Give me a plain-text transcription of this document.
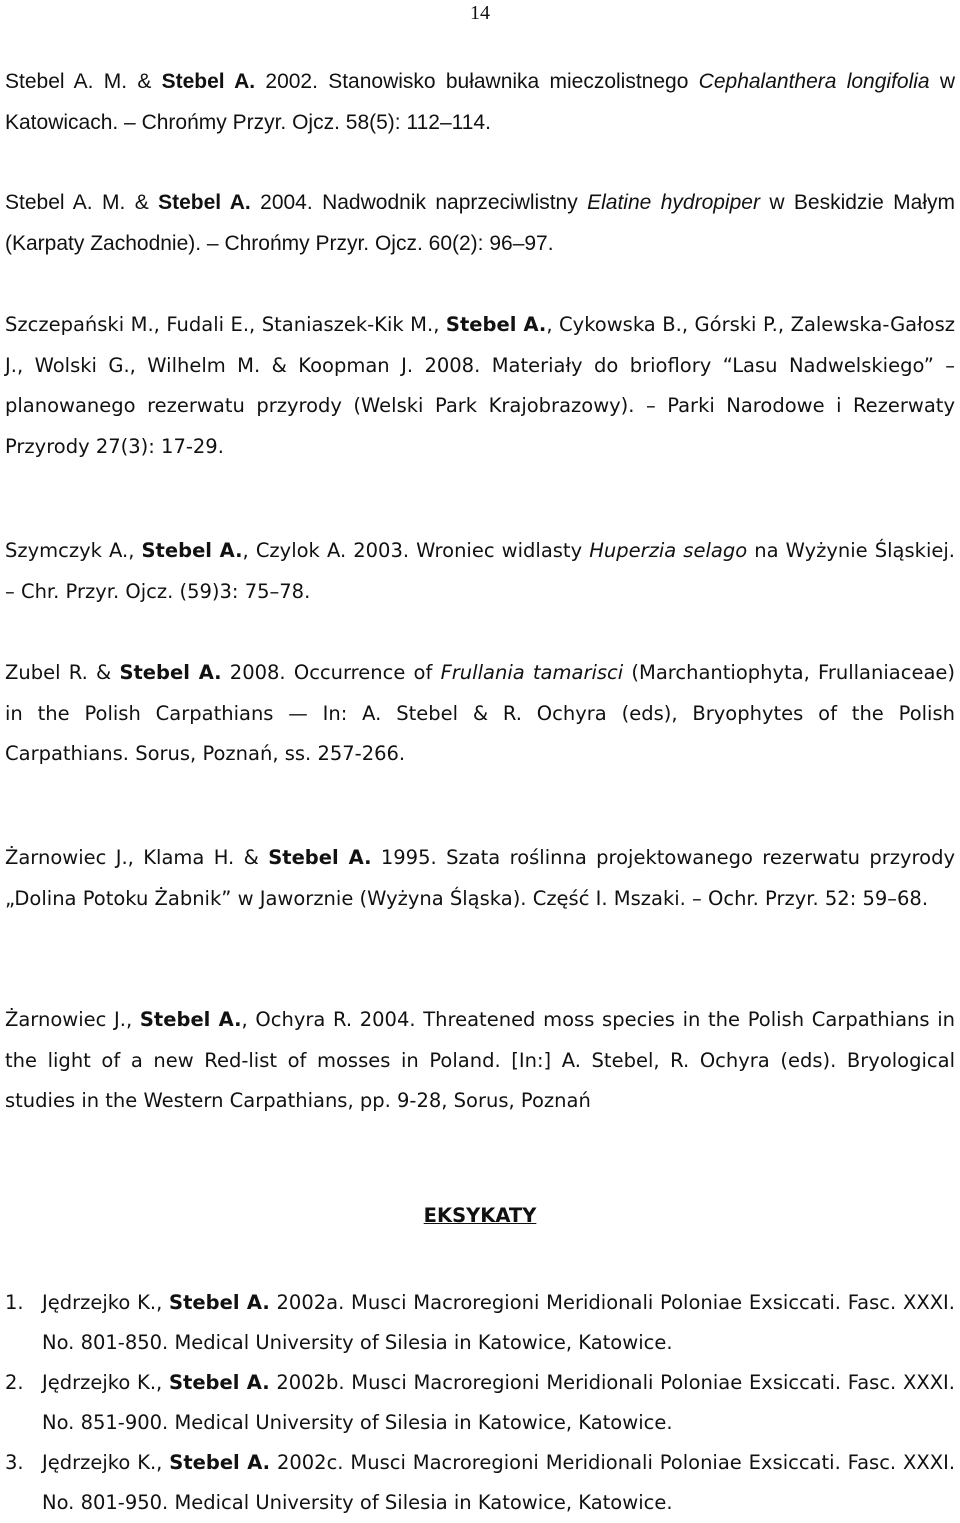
14

Stebel A. M. & Stebel A. 2002. Stanowisko buławnika mieczolistnego Cephalanthera longifolia w Katowicach. – Chrońmy Przyr. Ojcz. 58(5): 112–114.

Stebel A. M. & Stebel A. 2004. Nadwodnik naprzeciwlistny Elatine hydropiper w Beskidzie Małym (Karpaty Zachodnie). – Chrońmy Przyr. Ojcz. 60(2): 96–97.

Szczepański M., Fudali E., Staniaszek-Kik M., Stebel A., Cykowska B., Górski P., Zalewska-Gałosz J., Wolski G., Wilhelm M. & Koopman J. 2008. Materiały do brioflory “Lasu Nadwelskiego” – planowanego rezerwatu przyrody (Welski Park Krajobrazowy). – Parki Narodowe i Rezerwaty Przyrody 27(3): 17-29.

Szymczyk A., Stebel A., Czylok A. 2003. Wroniec widlasty Huperzia selago na Wyżynie Śląskiej. – Chr. Przyr. Ojcz. (59)3: 75–78.

Zubel R. & Stebel A. 2008. Occurrence of Frullania tamarisci (Marchantiophyta, Frullaniaceae) in the Polish Carpathians — In: A. Stebel & R. Ochyra (eds), Bryophytes of the Polish Carpathians. Sorus, Poznań, ss. 257-266.

Żarnowiec J., Klama H. & Stebel A. 1995. Szata roślinna projektowanego rezerwatu przyrody „Dolina Potoku Żabnik” w Jaworznie (Wyżyna Śląska). Część I. Mszaki. – Ochr. Przyr. 52: 59–68.

Żarnowiec J., Stebel A., Ochyra R. 2004. Threatened moss species in the Polish Carpathians in the light of a new Red-list of mosses in Poland. [In:] A. Stebel, R. Ochyra (eds). Bryological studies in the Western Carpathians, pp. 9-28, Sorus, Poznań

EKSYKATY
1. Jędrzejko K., Stebel A. 2002a. Musci Macroregioni Meridionali Poloniae Exsiccati. Fasc. XXXI. No. 801-850. Medical University of Silesia in Katowice, Katowice.
2. Jędrzejko K., Stebel A. 2002b. Musci Macroregioni Meridionali Poloniae Exsiccati. Fasc. XXXI. No. 851-900. Medical University of Silesia in Katowice, Katowice.
3. Jędrzejko K., Stebel A. 2002c. Musci Macroregioni Meridionali Poloniae Exsiccati. Fasc. XXXI. No. 801-950. Medical University of Silesia in Katowice, Katowice.
